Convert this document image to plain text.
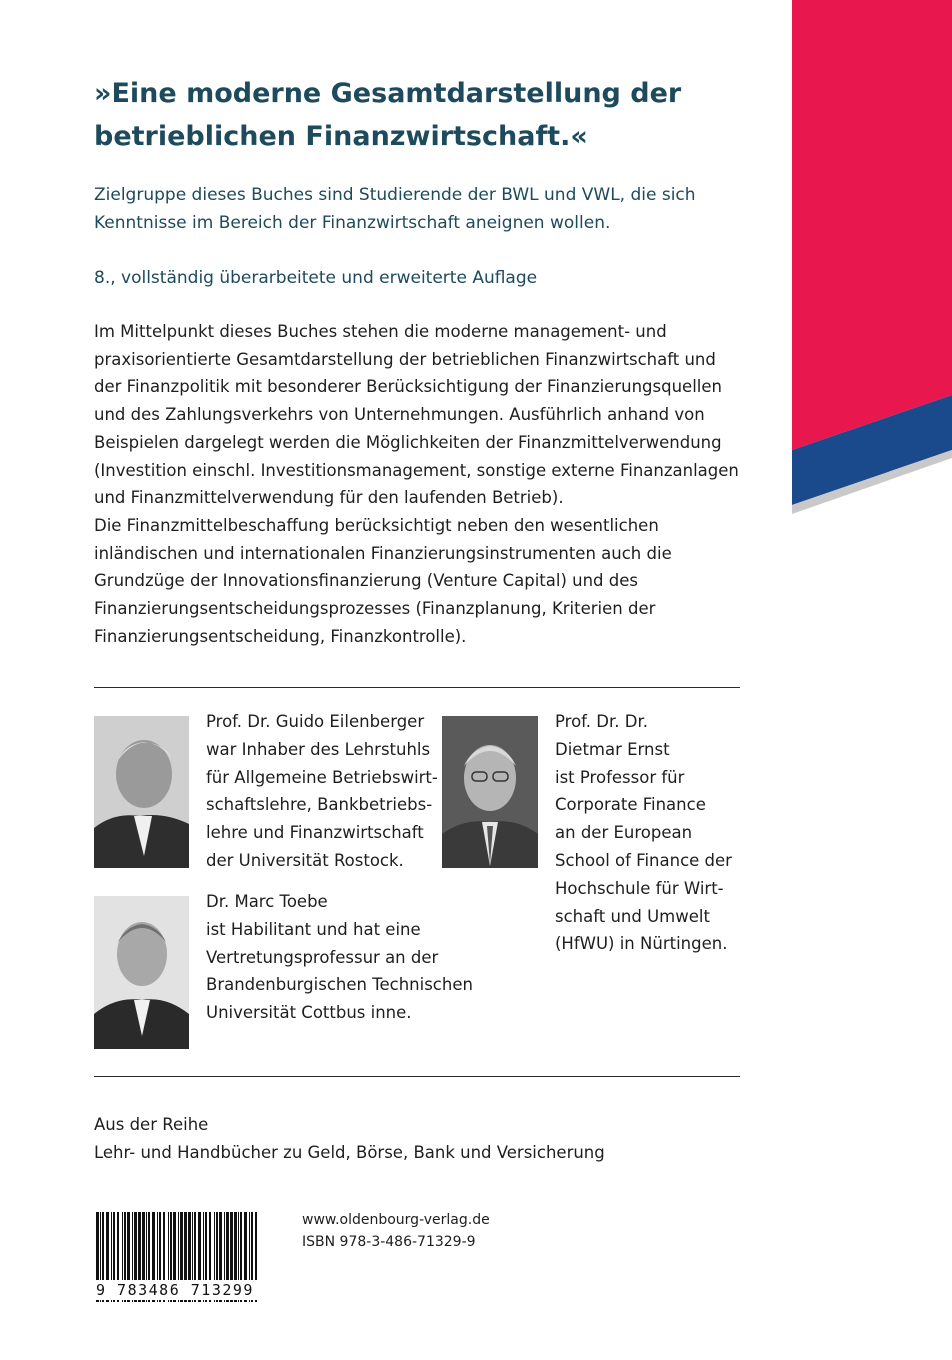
»Eine moderne Gesamtdarstellung der betrieblichen Finanzwirtschaft.«

Zielgruppe dieses Buches sind Studierende der BWL und VWL, die sich Kenntnisse im Bereich der Finanzwirtschaft aneignen wollen.

8., vollständig überarbeitete und erweiterte Auflage

Im Mittelpunkt dieses Buches stehen die moderne management- und praxisorientierte Gesamtdarstellung der betrieblichen Finanzwirtschaft und der Finanzpolitik mit besonderer Berücksichtigung der Finanzierungsquellen und des Zahlungsverkehrs von Unternehmungen. Ausführlich anhand von Beispielen dargelegt werden die Möglichkeiten der Finanzmittelverwendung (Investition einschl. Investitionsmanagement, sonstige externe Finanzanlagen und Finanzmittelverwendung für den laufenden Betrieb).

Die Finanzmittelbeschaffung berücksichtigt neben den wesentlichen inländischen und internationalen Finanzierungsinstrumenten auch die Grundzüge der Innovationsfinanzierung (Venture Capital) und des Finanzierungsentscheidungsprozesses (Finanzplanung, Kriterien der Finanzierungsentscheidung, Finanzkontrolle).

Prof. Dr. Guido Eilenberger
war Inhaber des Lehrstuhls
für Allgemeine Betriebswirt-
schaftslehre, Bankbetriebs-
lehre und Finanzwirtschaft
der Universität Rostock.
Prof. Dr. Dr.
Dietmar Ernst
ist Professor für
Corporate Finance
an der European
School of Finance der
Hochschule für Wirt-
schaft und Umwelt
(HfWU) in Nürtingen.
Dr. Marc Toebe
ist Habilitant und hat eine
Vertretungsprofessur an der
Brandenburgischen Technischen
Universität Cottbus inne.
Aus der Reihe
Lehr- und Handbücher zu Geld, Börse, Bank und Versicherung
9 783486 713299
www.oldenbourg-verlag.de
ISBN 978-3-486-71329-9
